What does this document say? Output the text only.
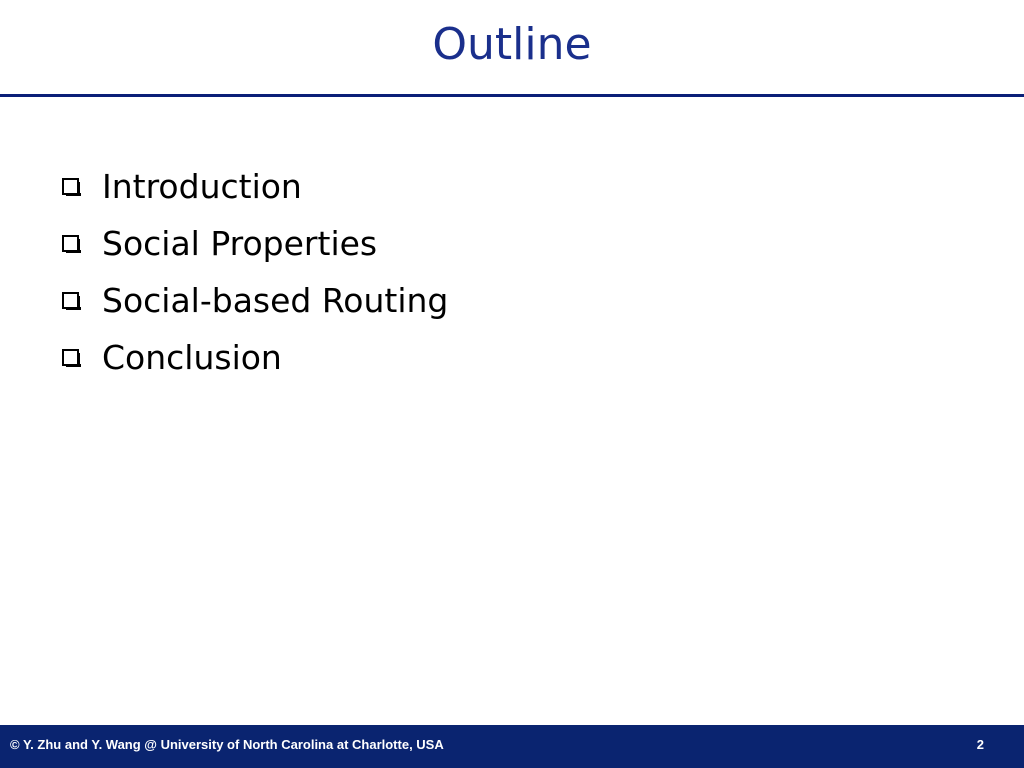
Outline
Introduction
Social Properties
Social-based Routing
Conclusion
© Y. Zhu and Y. Wang @ University of North Carolina at Charlotte, USA	2
